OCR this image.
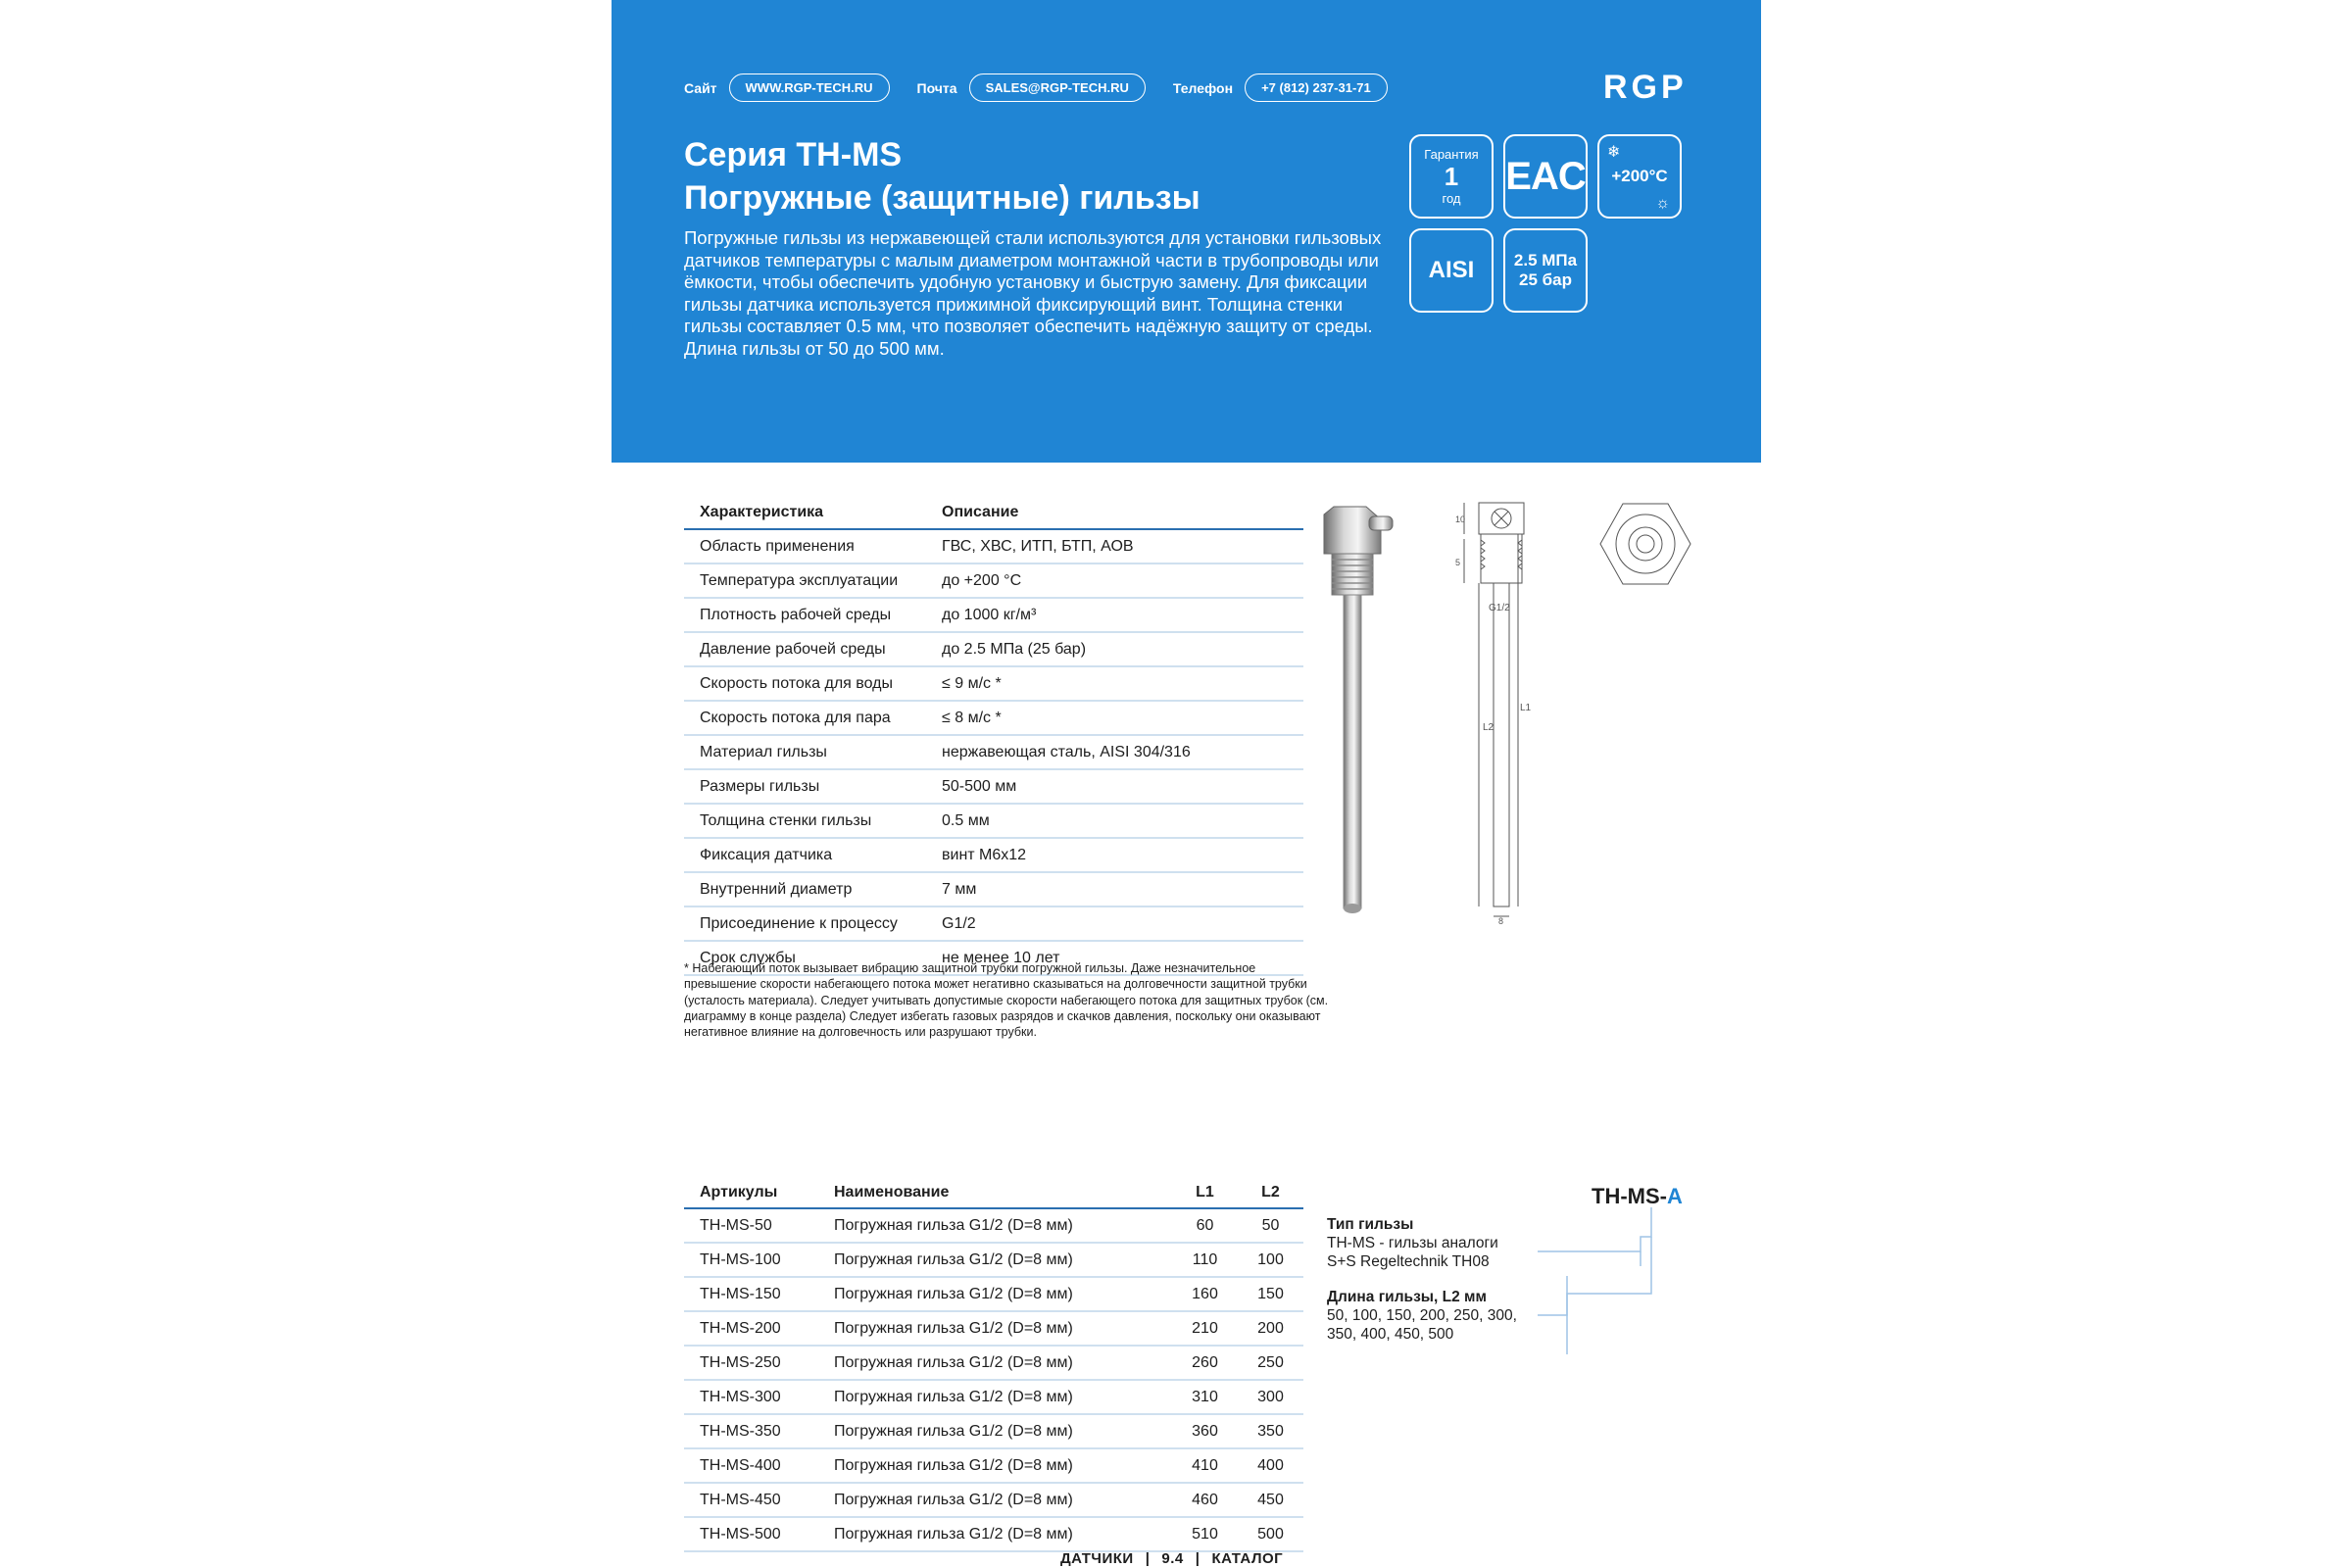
Сайт	WWW.RGP-TECH.RU	Почта	SALES@RGP-TECH.RU	Телефон	+7 (812) 237-31-71	RGP
Серия TH-MS
Погружные (защитные) гильзы
Погружные гильзы из нержавеющей стали используются для установки гильзовых датчиков температуры с малым диаметром монтажной части в трубопроводы или ёмкости, чтобы обеспечить удобную установку и быструю замену. Для фиксации гильзы датчика используется прижимной фиксирующий винт. Толщина стенки гильзы составляет 0.5 мм, что позволяет обеспечить надёжную защиту от среды. Длина гильзы от 50 до 500 мм.
Гарантия
1
год
EAC
❄
+200°C
☼
AISI 2.5 МПа
25 бар
Характеристика	Описание
Область применения	ГВС, ХВС, ИТП, БТП, АОВ
Температура эксплуатации	до +200 °C
Плотность рабочей среды	до 1000 кг/м³
Давление рабочей среды	до 2.5 МПа (25 бар)
Скорость потока для воды	≤ 9 м/с *
Скорость потока для пара	≤ 8 м/с *
Материал гильзы	нержавеющая сталь, AISI 304/316
Размеры гильзы	50-500 мм
Толщина стенки гильзы	0.5 мм
Фиксация датчика	винт М6х12
Внутренний диаметр	7 мм
Присоединение к процессу	G1/2
Срок службы	не менее 10 лет
* Набегающий поток вызывает вибрацию защитной трубки погружной гильзы. Даже незначительное превышение скорости набегающего потока может негативно сказываться на долговечности защитной трубки (усталость материала). Следует учитывать допустимые скорости набегающего потока для защитных трубок (см. диаграмму в конце раздела) Следует избегать газовых разрядов и скачков давления, поскольку они оказывают негативное влияние на долговечность или разрушают трубки.
10
5
G1/2
L2
L1
8
Артикулы	Наименование	L1	L2
TH-MS-50	Погружная гильза G1/2 (D=8 мм)	60	50
TH-MS-100	Погружная гильза G1/2 (D=8 мм)	110	100
TH-MS-150	Погружная гильза G1/2 (D=8 мм)	160	150
TH-MS-200	Погружная гильза G1/2 (D=8 мм)	210	200
TH-MS-250	Погружная гильза G1/2 (D=8 мм)	260	250
TH-MS-300	Погружная гильза G1/2 (D=8 мм)	310	300
TH-MS-350	Погружная гильза G1/2 (D=8 мм)	360	350
TH-MS-400	Погружная гильза G1/2 (D=8 мм)	410	400
TH-MS-450	Погружная гильза G1/2 (D=8 мм)	460	450
TH-MS-500	Погружная гильза G1/2 (D=8 мм)	510	500
TH-MS-A
Тип гильзы
TH-MS - гильзы аналоги
S+S Regeltechnik TH08
Длина гильзы, L2 мм
50, 100, 150, 200, 250, 300,
350, 400, 450, 500
ДАТЧИКИ | 9.4 | КАТАЛОГ
